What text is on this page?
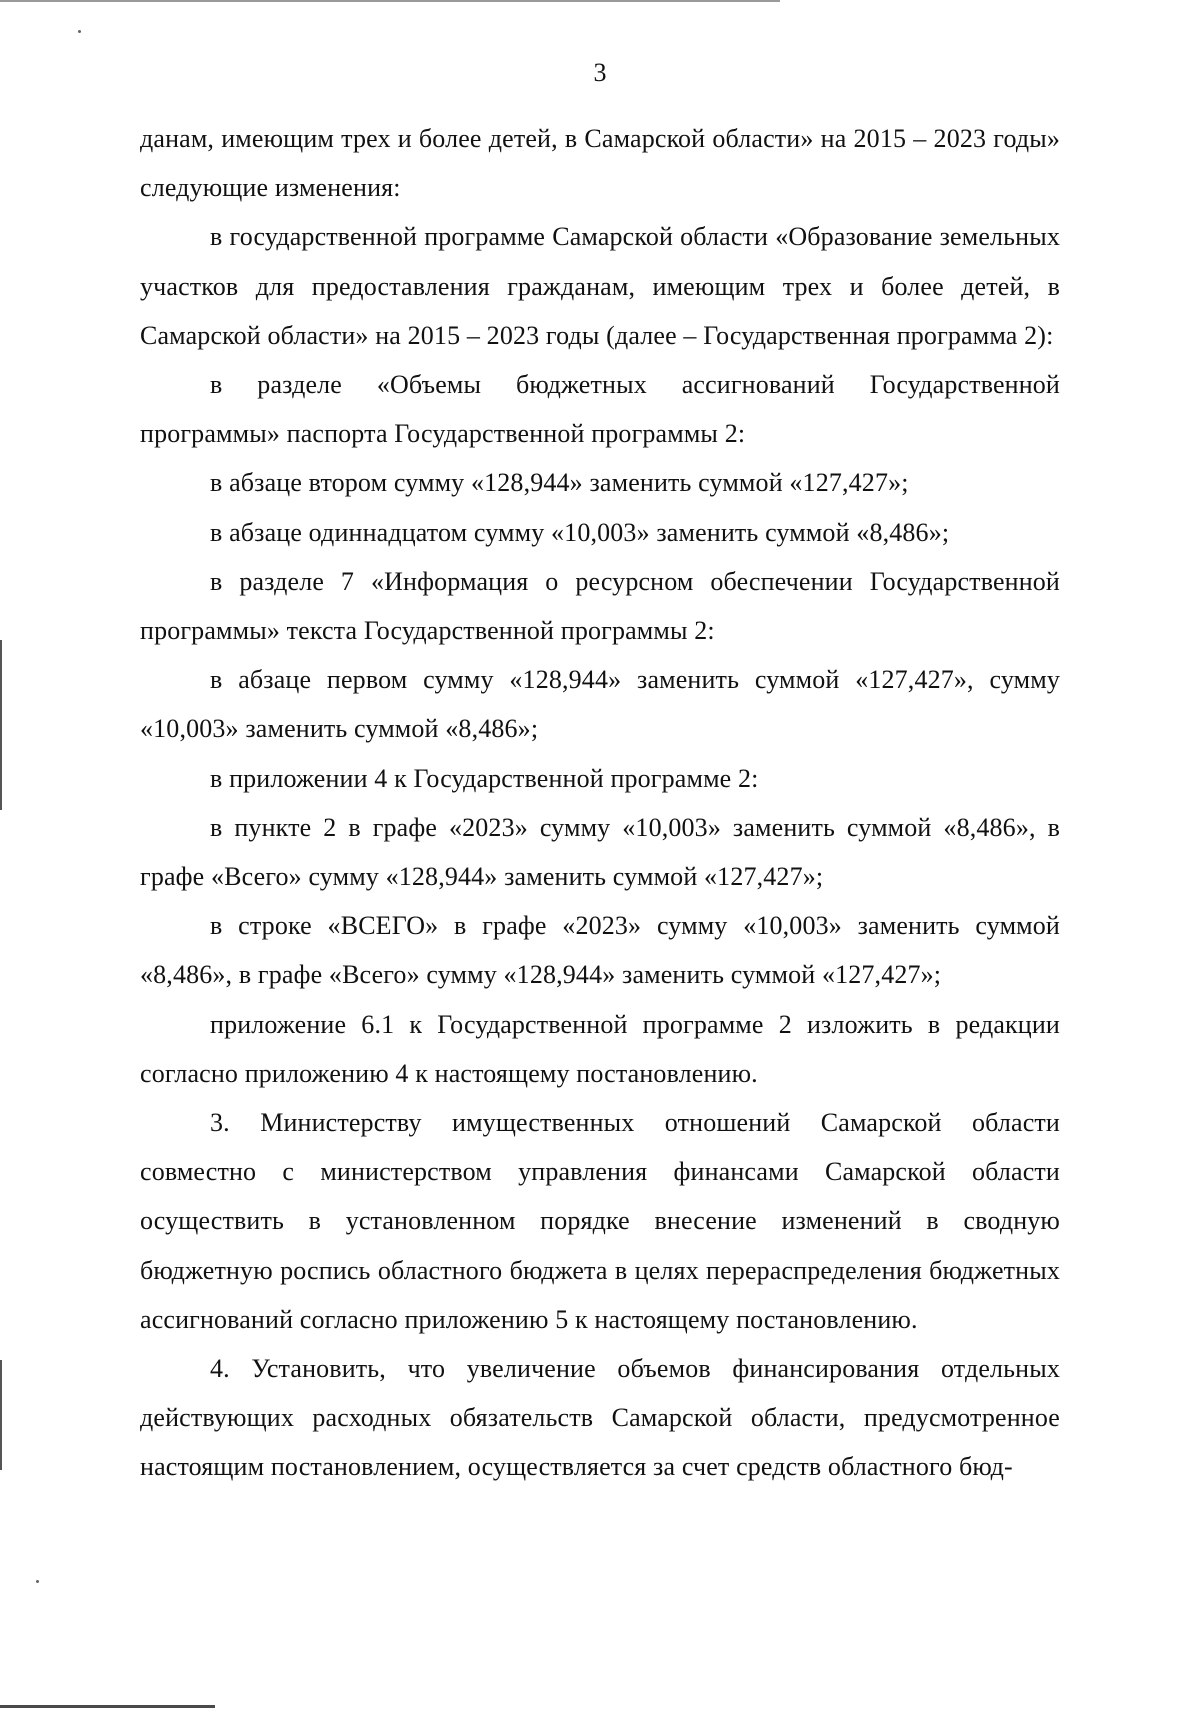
3

данам, имеющим трех и более детей, в Самарской области» на 2015 – 2023 годы» следующие изменения:

в государственной программе Самарской области «Образование земельных участков для предоставления гражданам, имеющим трех и более детей, в Самарской области» на 2015 – 2023 годы (далее – Государственная программа 2):

в разделе «Объемы бюджетных ассигнований Государственной программы» паспорта Государственной программы 2:

в абзаце втором сумму «128,944» заменить суммой «127,427»;

в абзаце одиннадцатом сумму «10,003» заменить суммой «8,486»;

в разделе 7 «Информация о ресурсном обеспечении Государственной программы» текста Государственной программы 2:

в абзаце первом сумму «128,944» заменить суммой «127,427», сумму «10,003» заменить суммой «8,486»;

в приложении 4 к Государственной программе 2:

в пункте 2 в графе «2023» сумму «10,003» заменить суммой «8,486», в графе «Всего» сумму «128,944» заменить суммой «127,427»;

в строке «ВСЕГО» в графе «2023» сумму «10,003» заменить суммой «8,486», в графе «Всего» сумму «128,944» заменить суммой «127,427»;

приложение 6.1 к Государственной программе 2 изложить в редакции согласно приложению 4 к настоящему постановлению.

3. Министерству имущественных отношений Самарской области совместно с министерством управления финансами Самарской области осуществить в установленном порядке внесение изменений в сводную бюджетную роспись областного бюджета в целях перераспределения бюджетных ассигнований согласно приложению 5 к настоящему постановлению.

4. Установить, что увеличение объемов финансирования отдельных действующих расходных обязательств Самарской области, предусмотренное настоящим постановлением, осуществляется за счет средств областного бюд-
